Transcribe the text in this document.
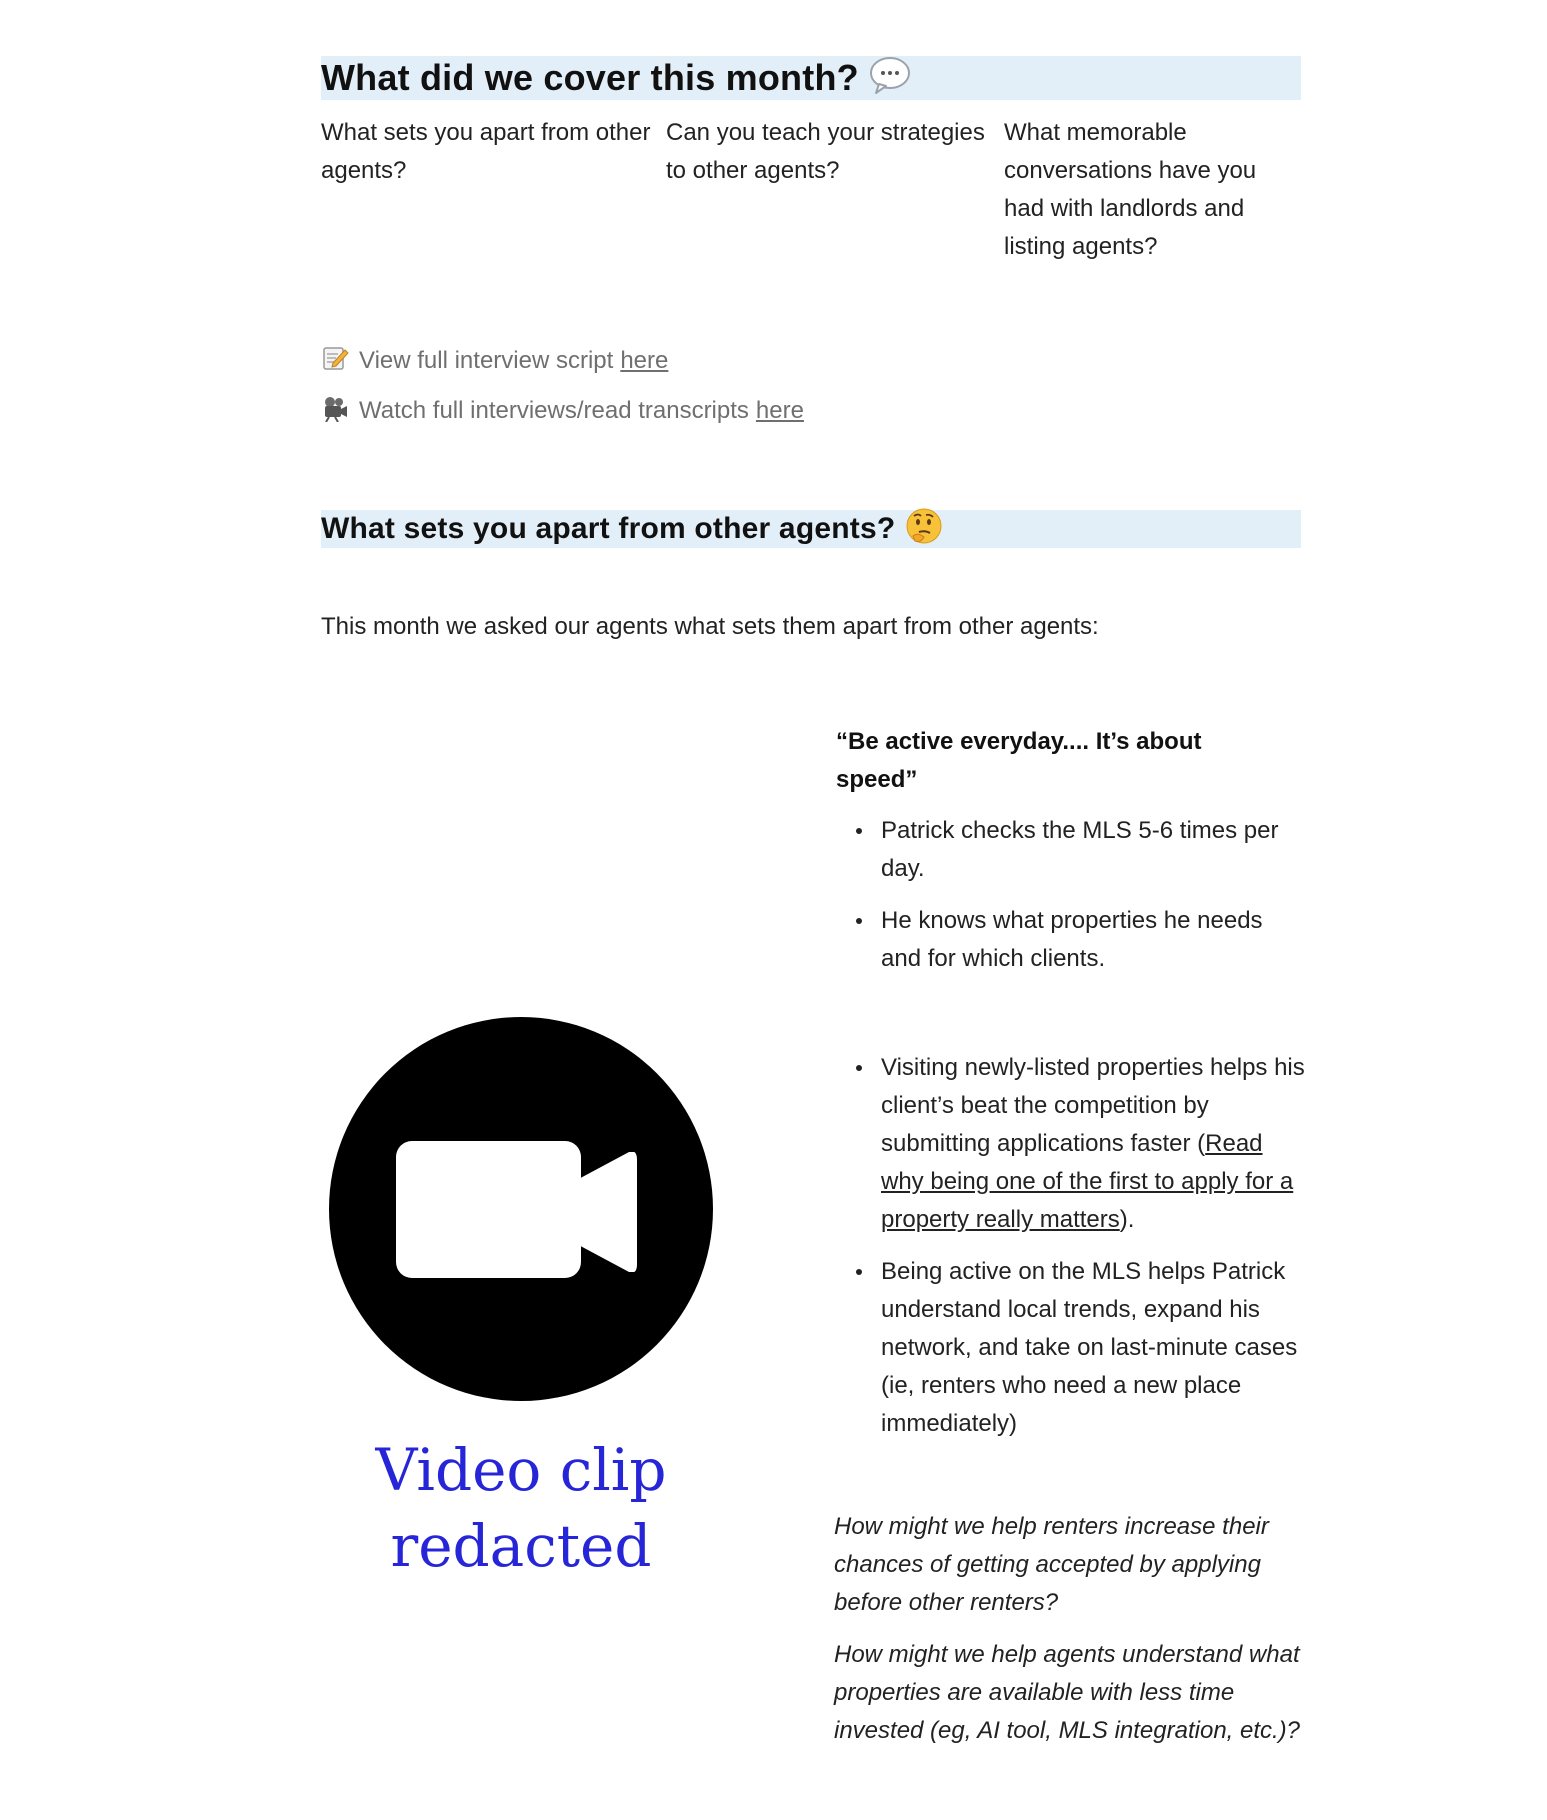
What did we cover this month?
What sets you apart from other agents?
Can you teach your strategies to other agents?
What memorable conversations have you had with landlords and listing agents?
View full interview script here
Watch full interviews/read transcripts here
What sets you apart from other agents?
This month we asked our agents what sets them apart from other agents:
Video clip
redacted
“Be active everyday.... It’s about speed”
Patrick checks the MLS 5-6 times per day.
He knows what properties he needs and for which clients.
Visiting newly-listed properties helps his client’s beat the competition by submitting applications faster (Read why being one of the first to apply for a property really matters).
Being active on the MLS helps Patrick understand local trends, expand his network, and take on last-minute cases (ie, renters who need a new place immediately)
How might we help renters increase their chances of getting accepted by applying before other renters?
How might we help agents understand what properties are available with less time invested (eg, AI tool, MLS integration, etc.)?
